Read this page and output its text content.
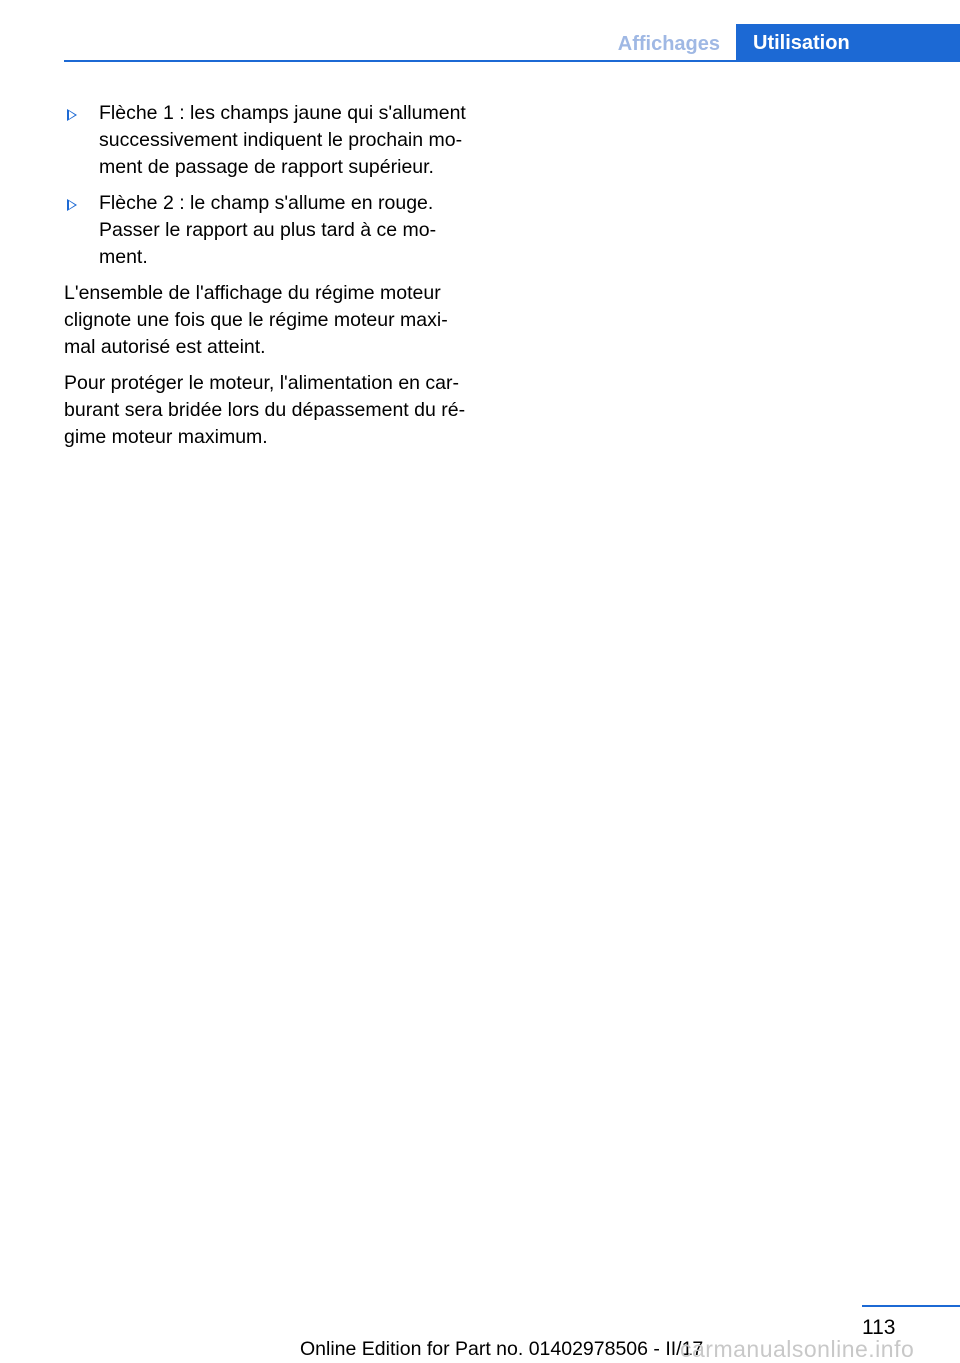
Affichages Utilisation
Flèche 1 : les champs jaune qui s'allument successivement indiquent le prochain mo‐ ment de passage de rapport supérieur.
Flèche 2 : le champ s'allume en rouge. Passer le rapport au plus tard à ce mo‐ ment.

L'ensemble de l'affichage du régime moteur clignote une fois que le régime moteur maxi‐ mal autorisé est atteint.

Pour protéger le moteur, l'alimentation en car‐ burant sera bridée lors du dépassement du ré‐ gime moteur maximum.

113
Online Edition for Part no. 01402978506 - II/17
carmanualsonline.info
